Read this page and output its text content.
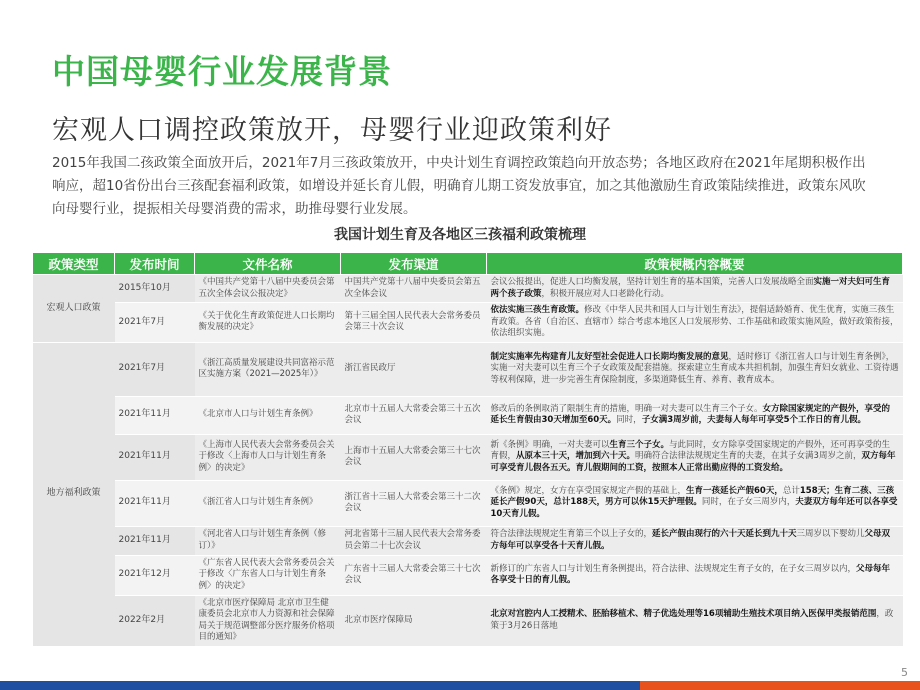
中国母婴行业发展背景
宏观人口调控政策放开，母婴行业迎政策利好
2015年我国二孩政策全面放开后，2021年7月三孩政策放开，中央计划生育调控政策趋向开放态势；各地区政府在2021年尾期积极作出响应，超10省份出台三孩配套福利政策，如增设并延长育儿假，明确育儿期工资发放事宜，加之其他激励生育政策陆续推进，政策东风吹向母婴行业，提振相关母婴消费的需求，助推母婴行业发展。
我国计划生育及各地区三孩福利政策梳理
政策类型	发布时间	文件名称	发布渠道	政策梗概内容概要
宏观人口政策	2015年10月	《中国共产党第十八届中央委员会第五次全体会议公报决定》	中国共产党第十八届中央委员会第五次全体会议	会议公报提出，促进人口均衡发展，坚持计划生育的基本国策，完善人口发展战略全面实施一对夫妇可生育两个孩子政策，积极开展应对人口老龄化行动。
	2021年7月	《关于优化生育政策促进人口长期均衡发展的决定》	第十三届全国人民代表大会常务委员会第三十次会议	依法实施三孩生育政策。修改《中华人民共和国人口与计划生育法》，提倡适龄婚育、优生优育，实施三孩生育政策。各省（自治区、直辖市）综合考虑本地区人口发展形势、工作基础和政策实施风险，做好政策衔接，依法组织实施。
地方福利政策	2021年7月	《浙江高质量发展建设共同富裕示范区实施方案（2021—2025年）》	浙江省民政厅	制定实施率先构建育儿友好型社会促进人口长期均衡发展的意见，适时修订《浙江省人口与计划生育条例》，实施一对夫妻可以生育三个子女政策及配套措施。探索建立生育成本共担机制，加强生育妇女就业、工资待遇等权利保障，进一步完善生育保险制度，多渠道降低生育、养育、教育成本。
	2021年11月	《北京市人口与计划生育条例》	北京市十五届人大常委会第三十五次会议	修改后的条例取消了限制生育的措施，明确一对夫妻可以生育三个子女。女方除国家规定的产假外，享受的延长生育假由30天增加至60天。同时，子女满3周岁前，夫妻每人每年可享受5个工作日的育儿假。
	2021年11月	《上海市人民代表大会常务委员会关于修改〈上海市人口与计划生育条例〉的决定》	上海市十五届人大常委会第三十七次会议	新《条例》明确，一对夫妻可以生育三个子女。与此同时，女方除享受国家规定的产假外，还可再享受的生育假，从原本三十天，增加到六十天。明确符合法律法规规定生育的夫妻，在其子女满3周岁之前，双方每年可享受育儿假各五天。育儿假期间的工资，按照本人正常出勤应得的工资发给。
	2021年11月	《浙江省人口与计划生育条例》	浙江省十三届人大常委会第三十二次会议	《条例》规定，女方在享受国家规定产假的基础上，生育一孩延长产假60天，总计158天；生育二孩、三孩延长产假90天，总计188天，男方可以休15天护理假。同时，在子女三周岁内，夫妻双方每年还可以各享受10天育儿假。
	2021年11月	《河北省人口与计划生育条例（修订）》	河北省第十三届人民代表大会常务委员会第二十七次会议	符合法律法规规定生育第三个以上子女的，延长产假由现行的六十天延长到九十天三周岁以下婴幼儿父母双方每年可以享受各十天育儿假。
	2021年12月	《广东省人民代表大会常务委员会关于修改〈广东省人口与计划生育条例〉的决定》	广东省十三届人大常委会第三十七次会议	新修订的广东省人口与计划生育条例提出，符合法律、法规规定生育子女的，在子女三周岁以内，父母每年各享受十日的育儿假。
	2022年2月	《北京市医疗保障局 北京市卫生健康委员会北京市人力资源和社会保障局关于规范调整部分医疗服务价格项目的通知》	北京市医疗保障局	北京对宫腔内人工授精术、胚胎移植术、精子优选处理等16项辅助生殖技术项目纳入医保甲类报销范围，政策于3月26日落地
5
